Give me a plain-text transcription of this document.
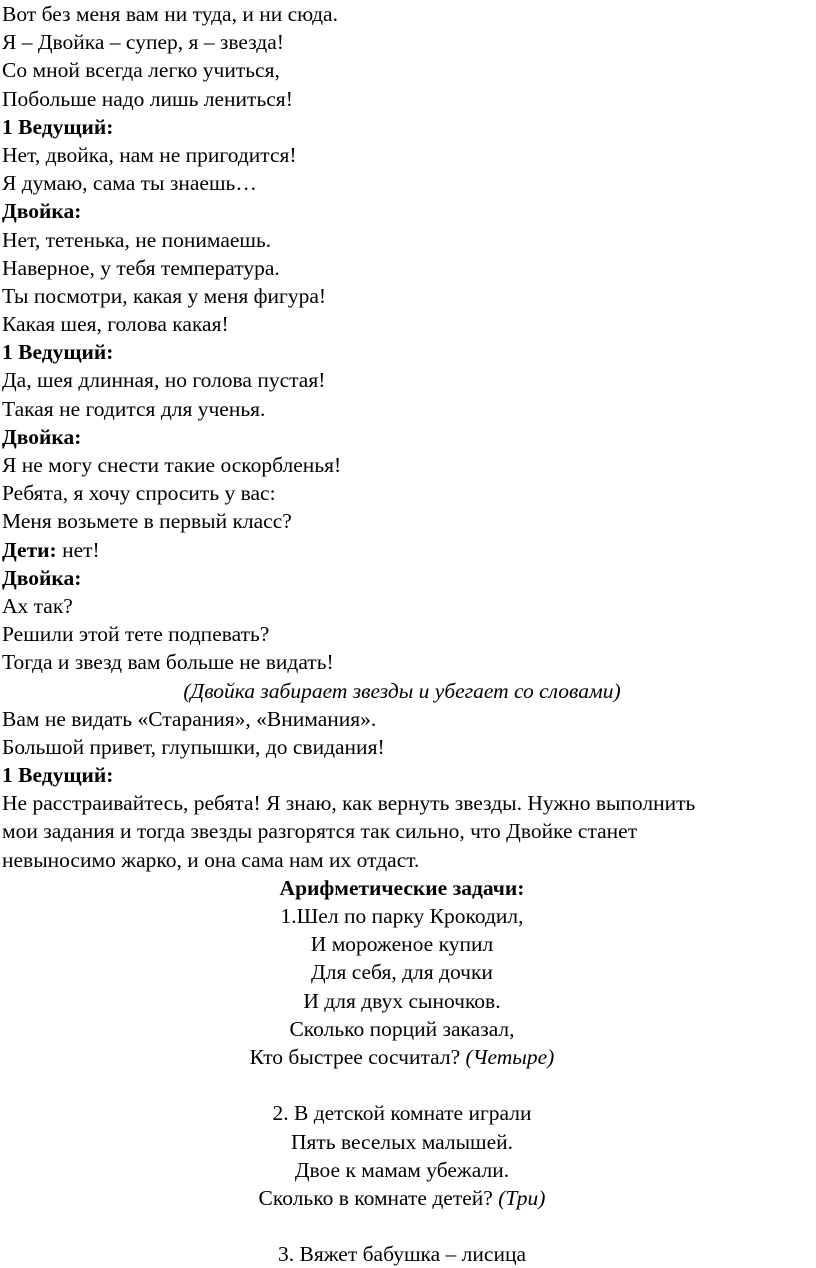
Вот без меня вам ни туда, и ни сюда.
Я – Двойка – супер, я – звезда!
Со мной всегда легко учиться,
Побольше надо лишь лениться!
1 Ведущий:
Нет, двойка, нам не пригодится!
Я думаю, сама ты знаешь…
Двойка:
Нет, тетенька, не понимаешь.
Наверное, у тебя температура.
Ты посмотри, какая у меня фигура!
Какая шея, голова какая!
1 Ведущий:
Да, шея длинная, но голова пустая!
Такая не годится для ученья.
Двойка:
Я не могу снести такие оскорбленья!
Ребята, я хочу спросить у вас:
Меня возьмете в первый класс?
Дети: нет!
Двойка:
Ах так?
Решили этой тете подпевать?
Тогда и звезд вам больше не видать!
(Двойка забирает звезды и убегает со словами)
Вам не видать «Старания», «Внимания».
Большой привет, глупышки, до свидания!
1 Ведущий:
Не расстраивайтесь, ребята! Я знаю, как вернуть звезды. Нужно выполнить
мои задания и тогда звезды разгорятся так сильно, что Двойке станет
невыносимо жарко, и она сама нам их отдаст.
Арифметические задачи:
1.Шел по парку Крокодил,
И мороженое купил
Для себя, для дочки
И для двух сыночков.
Сколько порций заказал,
Кто быстрее сосчитал? (Четыре)
2. В детской комнате играли
Пять веселых малышей.
Двое к мамам убежали.
Сколько в комнате детей? (Три)
3. Вяжет бабушка – лисица
